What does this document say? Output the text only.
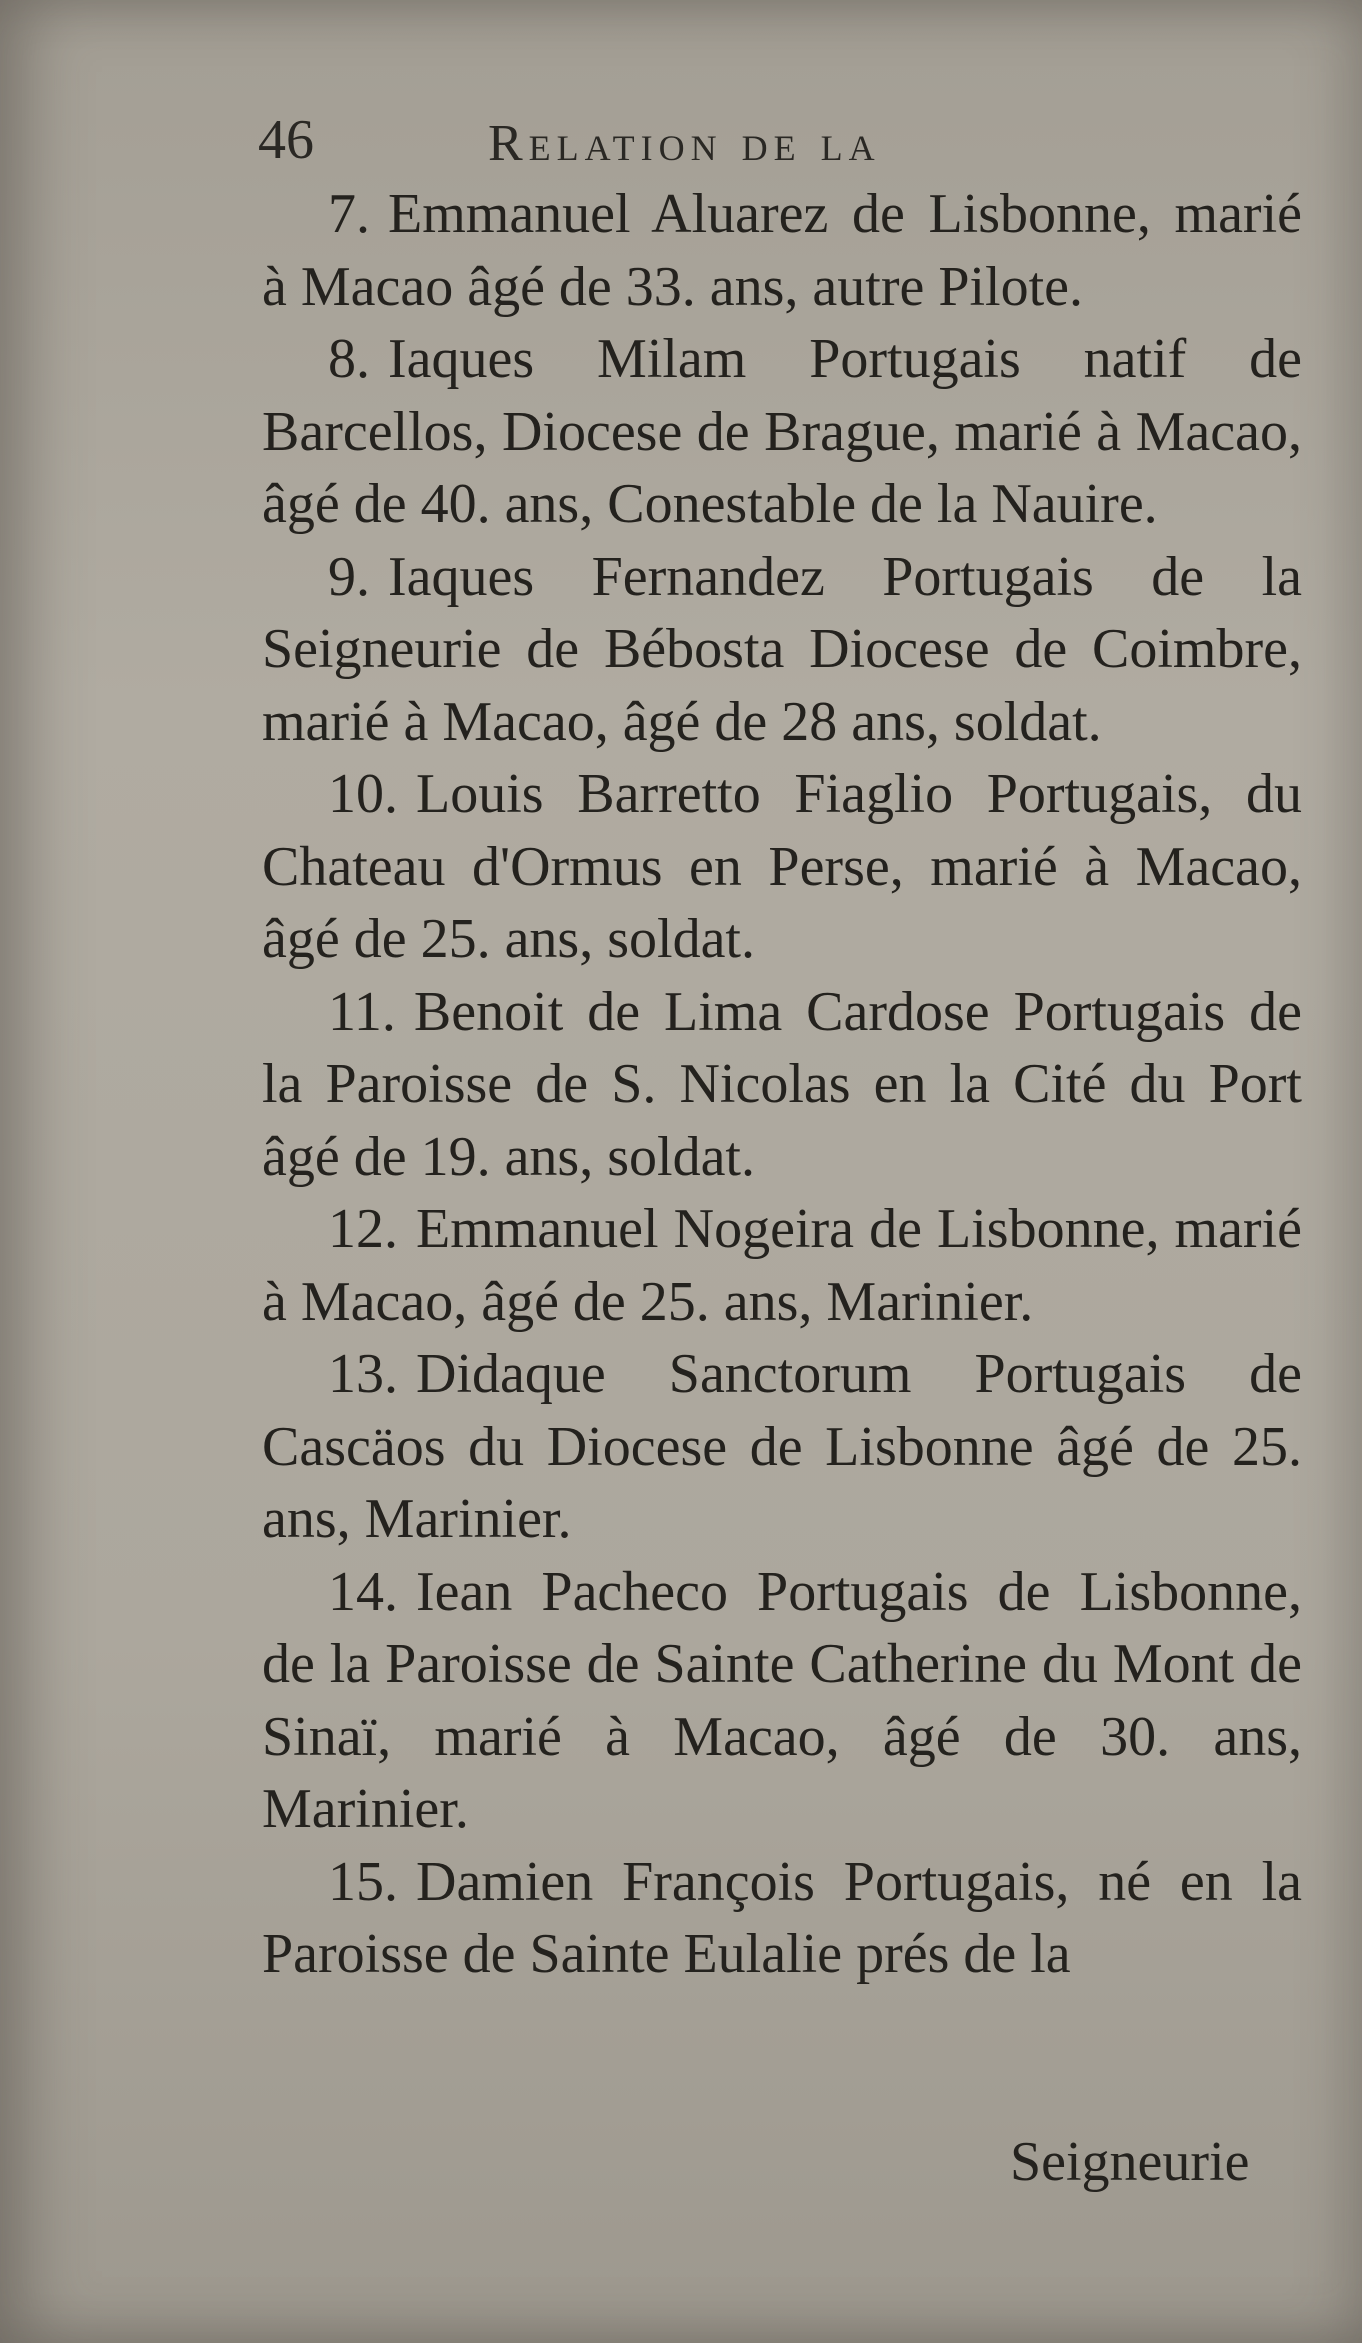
46	Relation de la

7. Emmanuel Aluarez de Lisbonne, marié à Macao âgé de 33. ans, autre Pilote.

8. Iaques Milam Portugais natif de Barcellos, Diocese de Brague, marié à Macao, âgé de 40. ans, Conestable de la Nauire.

9. Iaques Fernandez Portugais de la Seigneurie de Bébosta Diocese de Coimbre, marié à Macao, âgé de 28 ans, soldat.

10. Louis Barretto Fiaglio Portugais, du Chateau d'Ormus en Perse, marié à Macao, âgé de 25. ans, soldat.

11. Benoit de Lima Cardose Portugais de la Paroisse de S. Nicolas en la Cité du Port âgé de 19. ans, soldat.

12. Emmanuel Nogeira de Lisbonne, marié à Macao, âgé de 25. ans, Marinier.

13. Didaque Sanctorum Portugais de Cascäos du Diocese de Lisbonne âgé de 25. ans, Marinier.

14. Iean Pacheco Portugais de Lisbonne, de la Paroisse de Sainte Catherine du Mont de Sinaï, marié à Macao, âgé de 30. ans, Marinier.

15. Damien François Portugais, né en la Paroisse de Sainte Eulalie prés de la

Seigneurie
